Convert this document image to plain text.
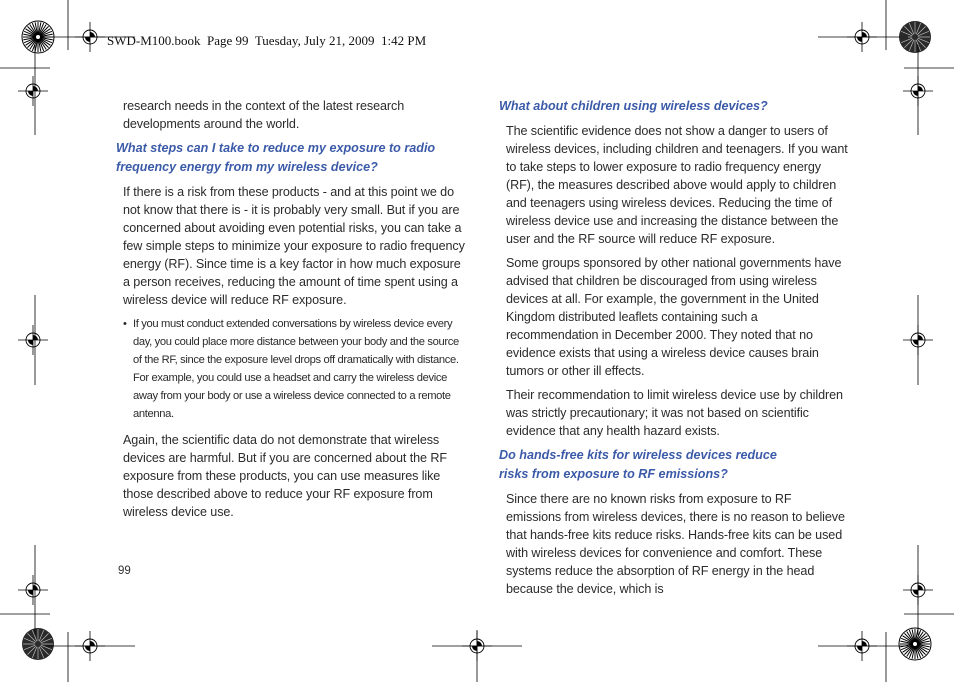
SWD-M100.book Page 99 Tuesday, July 21, 2009 1:42 PM

research needs in the context of the latest research developments around the world.

What steps can I take to reduce my exposure to radio frequency energy from my wireless device?

If there is a risk from these products - and at this point we do not know that there is - it is probably very small. But if you are concerned about avoiding even potential risks, you can take a few simple steps to minimize your exposure to radio frequency energy (RF). Since time is a key factor in how much exposure a person receives, reducing the amount of time spent using a wireless device will reduce RF exposure.

• If you must conduct extended conversations by wireless device every day, you could place more distance between your body and the source of the RF, since the exposure level drops off dramatically with distance. For example, you could use a headset and carry the wireless device away from your body or use a wireless device connected to a remote antenna.

Again, the scientific data do not demonstrate that wireless devices are harmful. But if you are concerned about the RF exposure from these products, you can use measures like those described above to reduce your RF exposure from wireless device use.

What about children using wireless devices?

The scientific evidence does not show a danger to users of wireless devices, including children and teenagers. If you want to take steps to lower exposure to radio frequency energy (RF), the measures described above would apply to children and teenagers using wireless devices. Reducing the time of wireless device use and increasing the distance between the user and the RF source will reduce RF exposure.

Some groups sponsored by other national governments have advised that children be discouraged from using wireless devices at all. For example, the government in the United Kingdom distributed leaflets containing such a recommendation in December 2000. They noted that no evidence exists that using a wireless device causes brain tumors or other ill effects.

Their recommendation to limit wireless device use by children was strictly precautionary; it was not based on scientific evidence that any health hazard exists.

Do hands-free kits for wireless devices reduce
risks from exposure to RF emissions?

Since there are no known risks from exposure to RF emissions from wireless devices, there is no reason to believe that hands-free kits reduce risks. Hands-free kits can be used with wireless devices for convenience and comfort. These systems reduce the absorption of RF energy in the head because the device, which is

99
